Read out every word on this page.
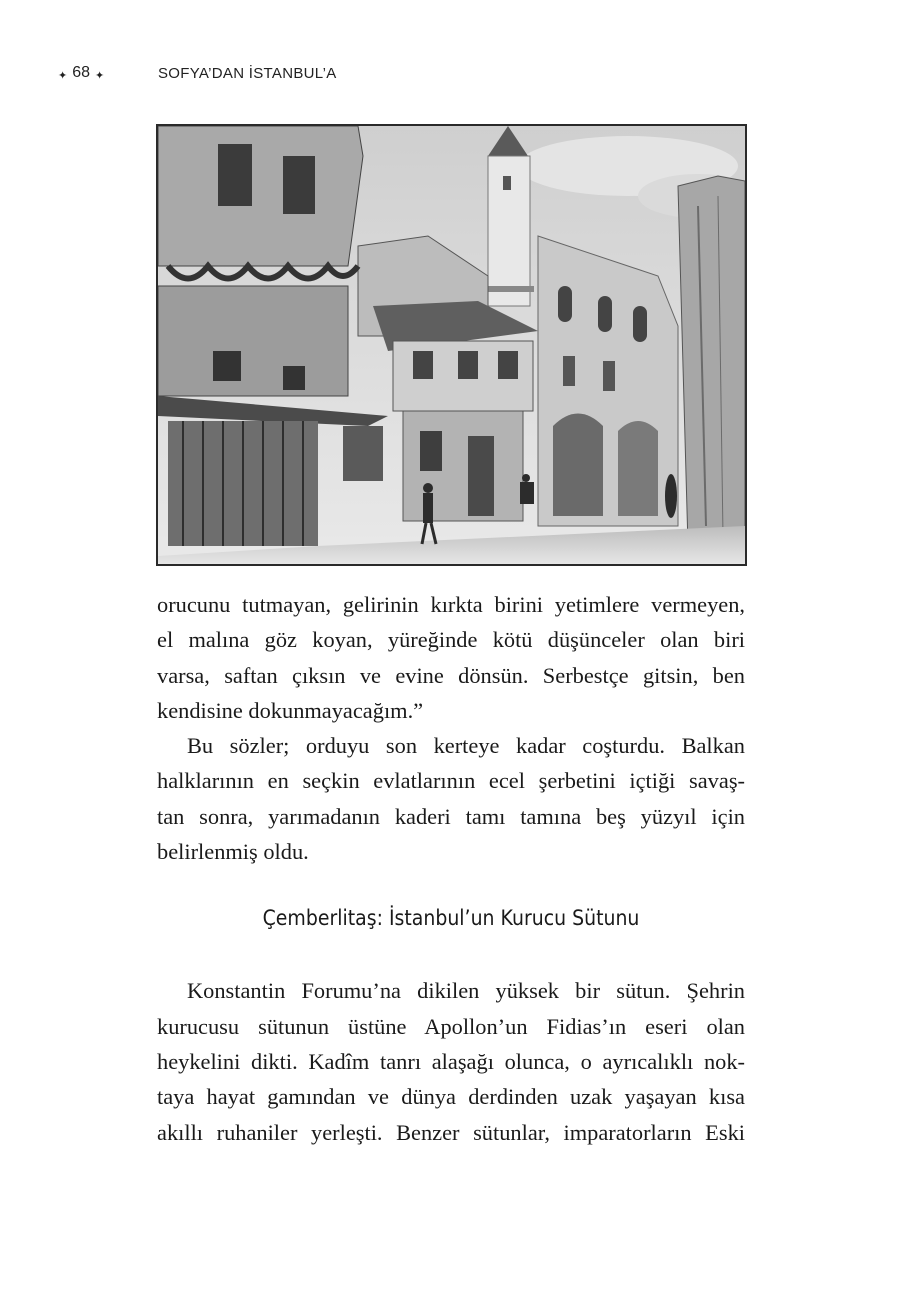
✦ 68 ✦	SOFYA’DAN İSTANBUL’A

orucunu tutmayan, gelirinin kırkta birini yetimlere vermeyen,
el malına göz koyan, yüreğinde kötü düşünceler olan biri
varsa, saftan çıksın ve evine dönsün. Serbestçe gitsin, ben
kendisine dokunmayacağım.”

Bu sözler; orduyu son kerteye kadar coşturdu. Balkan
halklarının en seçkin evlatlarının ecel şerbetini içtiği savaş-
tan sonra, yarımadanın kaderi tamı tamına beş yüzyıl için
belirlenmiş oldu.

Çemberlitaş: İstanbul’un Kurucu Sütunu

Konstantin Forumu’na dikilen yüksek bir sütun. Şehrin
kurucusu sütunun üstüne Apollon’un Fidias’ın eseri olan
heykelini dikti. Kadîm tanrı alaşağı olunca, o ayrıcalıklı nok-
taya hayat gamından ve dünya derdinden uzak yaşayan kısa
akıllı ruhaniler yerleşti. Benzer sütunlar, imparatorların Eski
